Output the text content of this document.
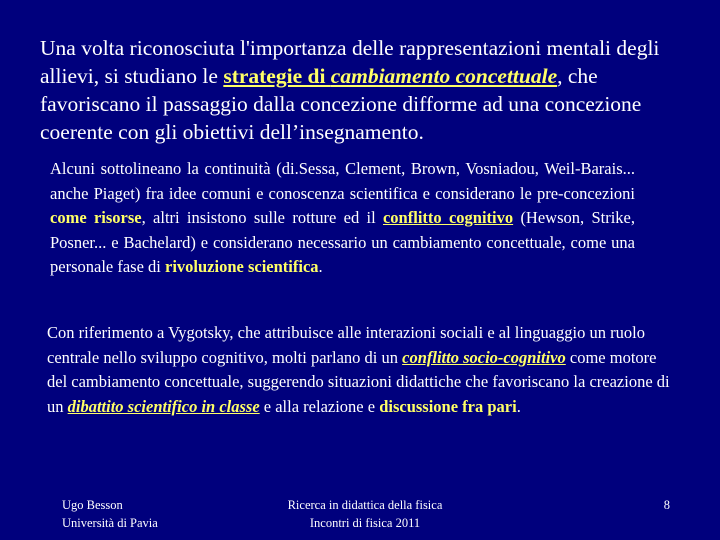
Una volta riconosciuta l'importanza delle rappresentazioni mentali degli allievi, si studiano le strategie di cambiamento concettuale, che favoriscano il passaggio dalla concezione difforme ad una concezione coerente con gli obiettivi dell’insegnamento.
Alcuni sottolineano la continuità (di.Sessa, Clement, Brown, Vosniadou, Weil-Barais... anche Piaget) fra idee comuni e conoscenza scientifica e considerano le pre-concezioni come risorse, altri insistono sulle rotture ed il conflitto cognitivo (Hewson, Strike, Posner... e Bachelard) e considerano necessario un cambiamento concettuale, come una personale fase di rivoluzione scientifica.
Con riferimento a Vygotsky, che attribuisce alle interazioni sociali e al linguaggio un ruolo centrale nello sviluppo cognitivo, molti parlano di un conflitto socio-cognitivo come motore del cambiamento concettuale, suggerendo situazioni didattiche che favoriscano la creazione di un dibattito scientifico in classe e alla relazione e discussione fra pari.
Ugo Besson
Università di Pavia
Ricerca in didattica della fisica
Incontri di fisica 2011
8
